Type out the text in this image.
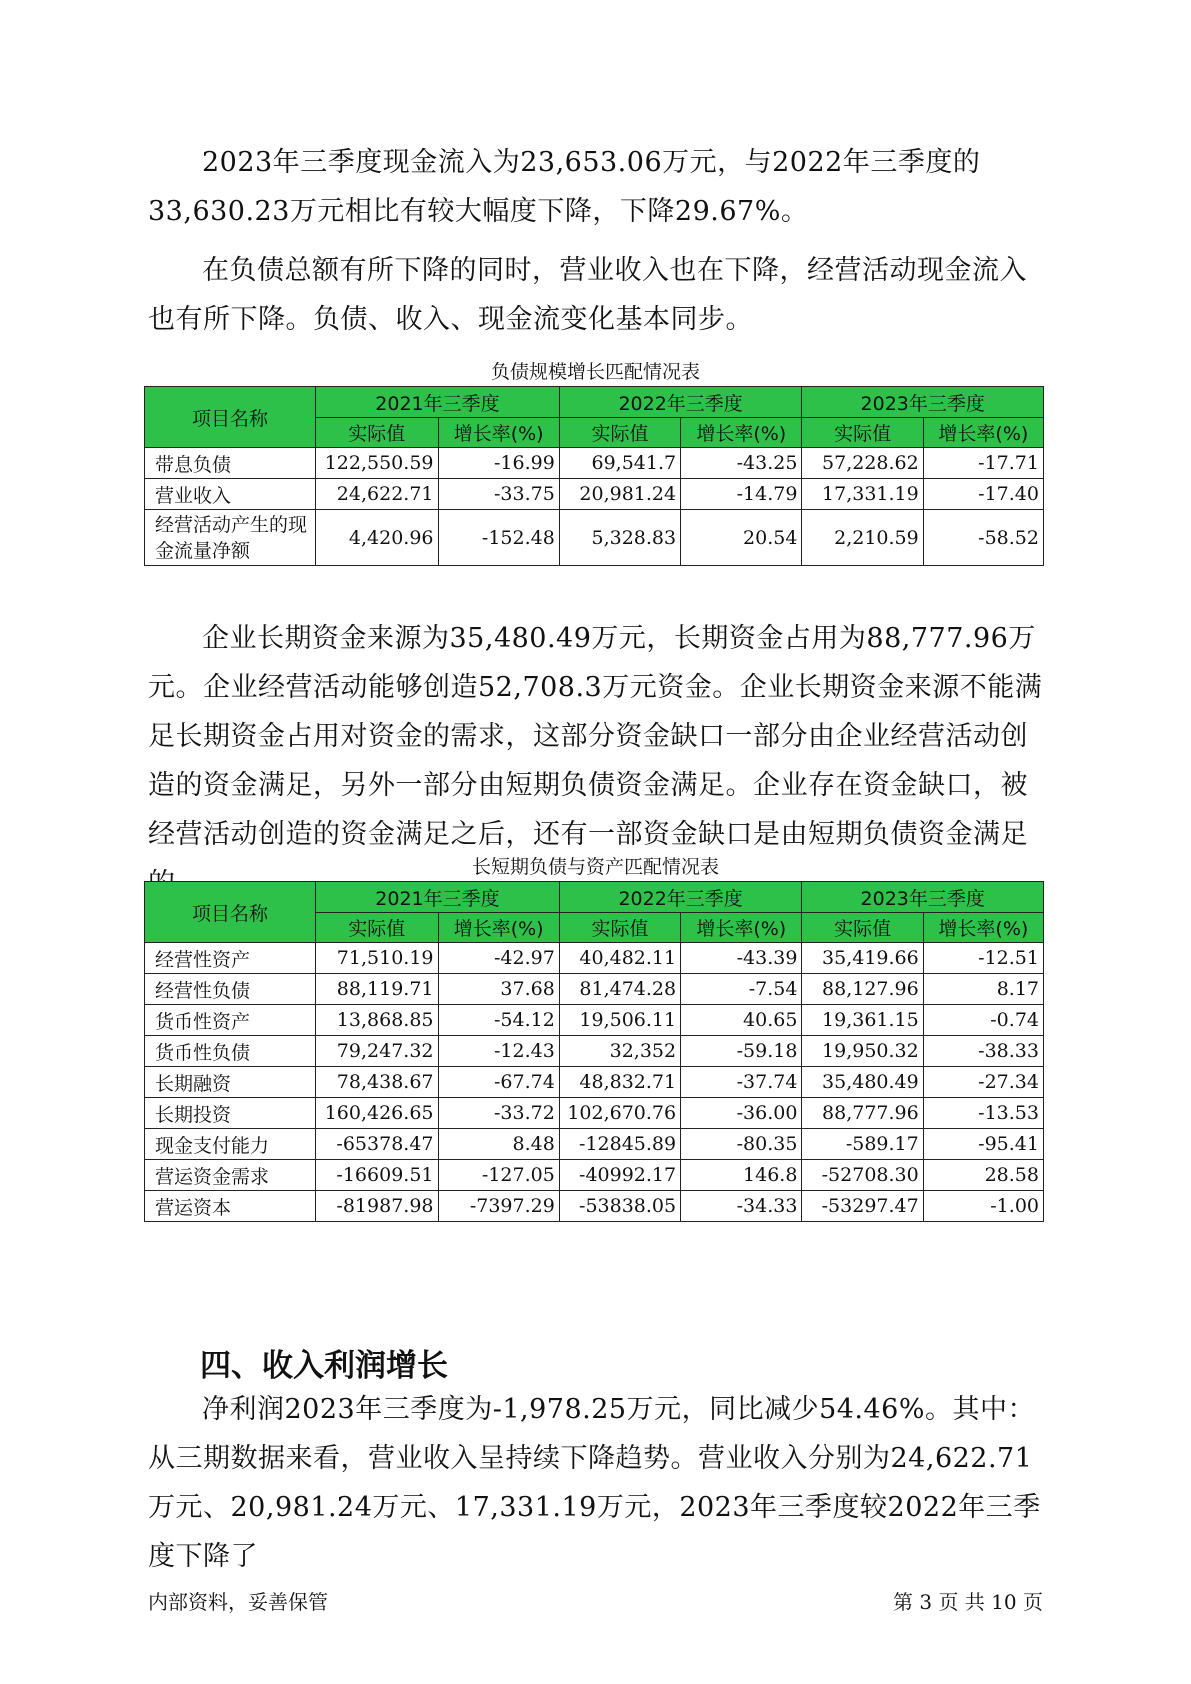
2023年三季度现金流入为23,653.06万元，与2022年三季度的33,630.23万元相比有较大幅度下降，下降29.67%。

在负债总额有所下降的同时，营业收入也在下降，经营活动现金流入也有所下降。负债、收入、现金流变化基本同步。

负债规模增长匹配情况表
项目名称	2021年三季度		2022年三季度		2023年三季度	
	实际值	增长率(%)	实际值	增长率(%)	实际值	增长率(%)
带息负债	122,550.59	-16.99	69,541.7	-43.25	57,228.62	-17.71
营业收入	24,622.71	-33.75	20,981.24	-14.79	17,331.19	-17.40
经营活动产生的现金流量净额	4,420.96	-152.48	5,328.83	20.54	2,210.59	-58.52

企业长期资金来源为35,480.49万元，长期资金占用为88,777.96万元。企业经营活动能够创造52,708.3万元资金。企业长期资金来源不能满足长期资金占用对资金的需求，这部分资金缺口一部分由企业经营活动创造的资金满足，另外一部分由短期负债资金满足。企业存在资金缺口，被经营活动创造的资金满足之后，还有一部资金缺口是由短期负债资金满足

长短期负债与资产匹配情况表
项目名称	2021年三季度		2022年三季度		2023年三季度	
	实际值	增长率(%)	实际值	增长率(%)	实际值	增长率(%)
经营性资产	71,510.19	-42.97	40,482.11	-43.39	35,419.66	-12.51
经营性负债	88,119.71	37.68	81,474.28	-7.54	88,127.96	8.17
货币性资产	13,868.85	-54.12	19,506.11	40.65	19,361.15	-0.74
货币性负债	79,247.32	-12.43	32,352	-59.18	19,950.32	-38.33
长期融资	78,438.67	-67.74	48,832.71	-37.74	35,480.49	-27.34
长期投资	160,426.65	-33.72	102,670.76	-36.00	88,777.96	-13.53
现金支付能力	-65378.47	8.48	-12845.89	-80.35	-589.17	-95.41
营运资金需求	-16609.51	-127.05	-40992.17	146.8	-52708.30	28.58
营运资本	-81987.98	-7397.29	-53838.05	-34.33	-53297.47	-1.00
四、收入利润增长

净利润2023年三季度为-1,978.25万元，同比减少54.46%。其中：从三期数据来看，营业收入呈持续下降趋势。营业收入分别为24,622.71万元、20,981.24万元、17,331.19万元，2023年三季度较2022年三季度下降了

内部资料，妥善保管	第 3 页 共 10 页
